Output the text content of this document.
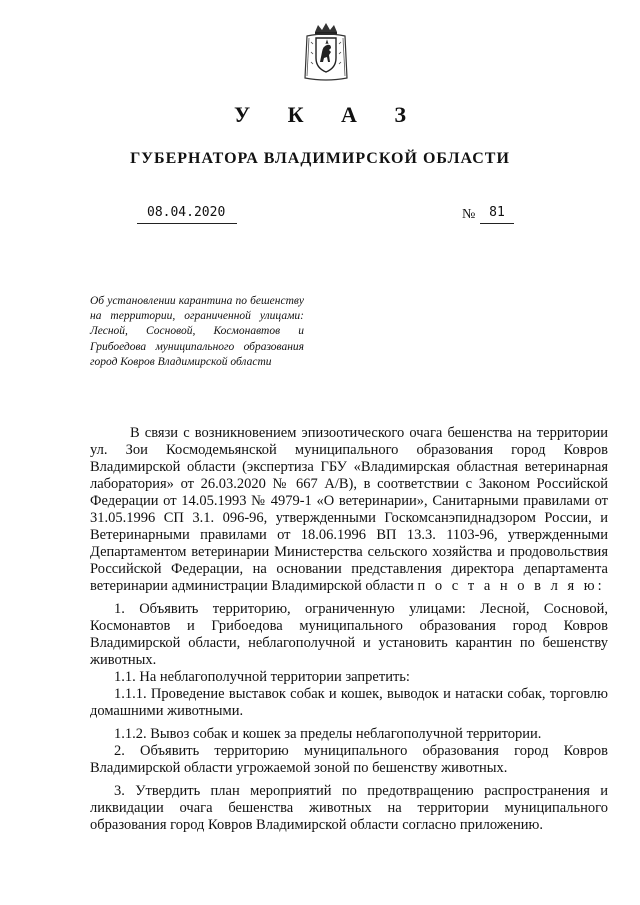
У К А З
ГУБЕРНАТОРА ВЛАДИМИРСКОЙ ОБЛАСТИ
08.04.2020	№	81
Об установлении карантина по бешенству на территории, ограниченной улицами: Лесной, Сосновой, Космонавтов и Грибоедова муниципального образования город Ковров Владимирской области

В связи с возникновением эпизоотического очага бешенства на территории ул. Зои Космодемьянской муниципального образования город Ковров Владимирской области (экспертиза ГБУ «Владимирская областная ветеринарная лаборатория» от 26.03.2020 № 667 А/В), в соответствии с Законом Российской Федерации от 14.05.1993 № 4979-1 «О ветеринарии», Санитарными правилами от 31.05.1996 СП 3.1. 096-96, утвержденными Госкомсанэпиднадзором России, и Ветеринарными правилами от 18.06.1996 ВП 13.3. 1103-96, утвержденными Департаментом ветеринарии Министерства сельского хозяйства и продовольствия Российской Федерации, на основании представления директора департамента ветеринарии администрации Владимирской области п о с т а н о в л я ю:

1. Объявить территорию, ограниченную улицами: Лесной, Сосновой, Космонавтов и Грибоедова муниципального образования город Ковров Владимирской области, неблагополучной и установить карантин по бешенству животных.

1.1. На неблагополучной территории запретить:

1.1.1. Проведение выставок собак и кошек, выводок и натаски собак, торговлю домашними животными.

1.1.2. Вывоз собак и кошек за пределы неблагополучной территории.

2. Объявить территорию муниципального образования город Ковров Владимирской области угрожаемой зоной по бешенству животных.

3. Утвердить план мероприятий по предотвращению распространения и ликвидации очага бешенства животных на территории муниципального образования город Ковров Владимирской области согласно приложению.
